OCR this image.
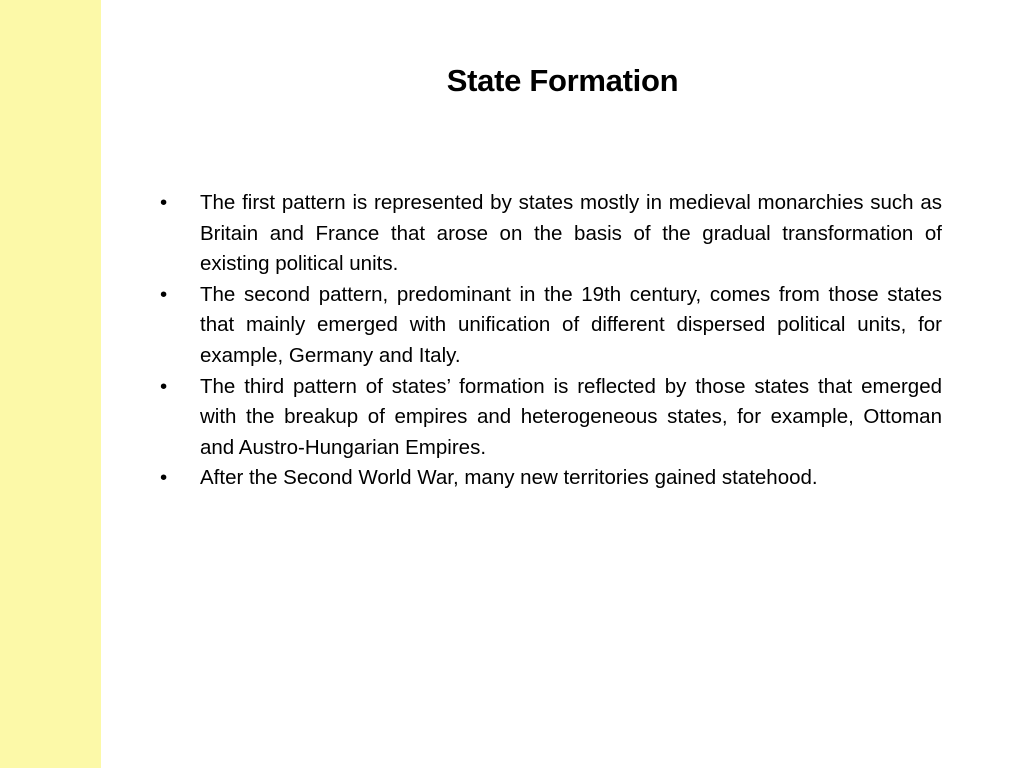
State Formation
•	The first pattern is represented by states mostly in medieval monarchies such as Britain and France that arose on the basis of the gradual transformation of existing political units.
•	The second pattern, predominant in the 19th century, comes from those states that mainly emerged with unification of different dispersed political units, for example, Germany and Italy.
•	The third pattern of states’ formation is reflected by those states that emerged with the breakup of empires and heterogeneous states, for example, Ottoman and Austro-Hungarian Empires.
•	After the Second World War, many new territories gained statehood.
